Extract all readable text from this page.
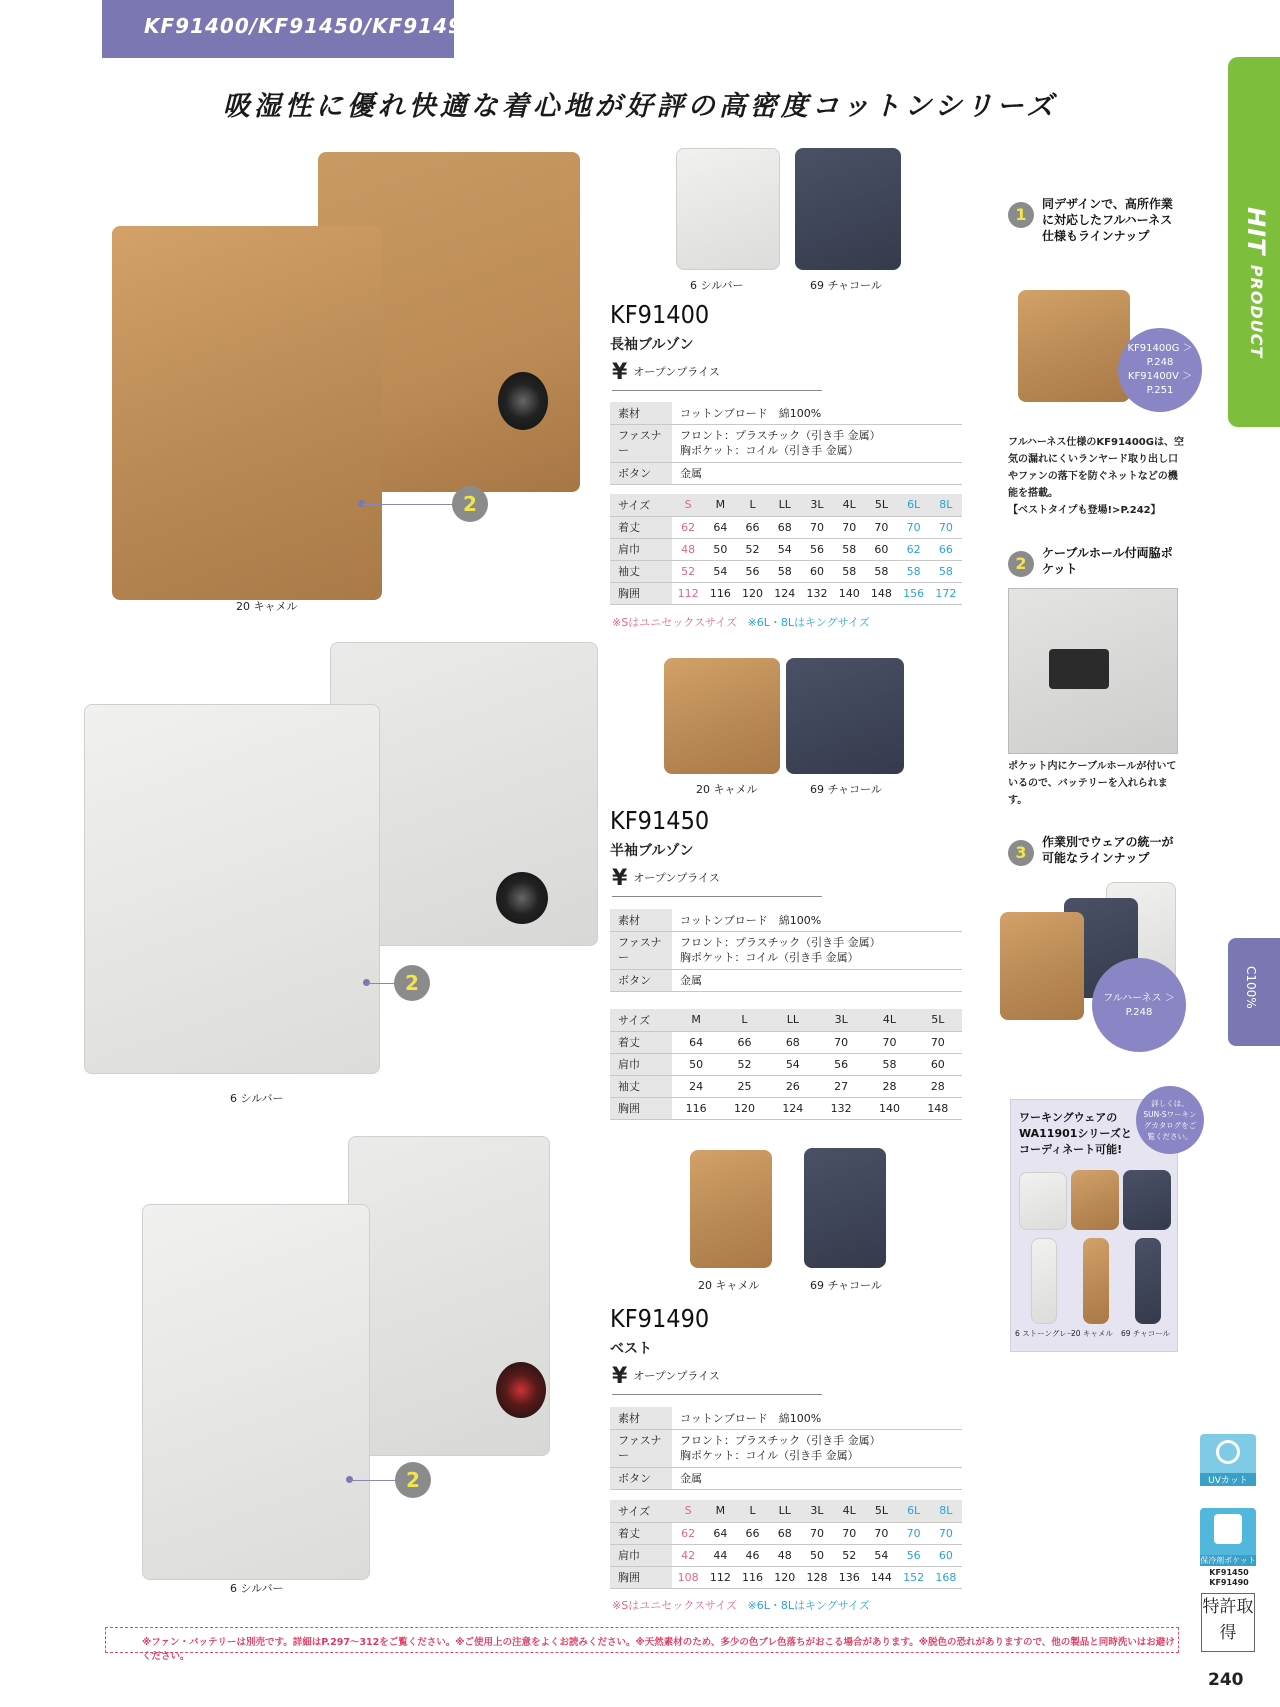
KF91400/KF91450/KF91490
吸湿性に優れ快適な着心地が好評の高密度コットンシリーズ
HIT PRODUCT
C100%
20 キャメル
2
6 シルバー	69 チャコール
KF91400
長袖ブルゾン
¥ オープンプライス
素材	コットンブロード　綿100%
ファスナー	フロント：プラスチック（引き手 金属）
胸ポケット：コイル（引き手 金属）

ボタン	金属
サイズ	S	M	L	LL	3L	4L	5L	6L	8L
着丈	62	64	66	68	70	70	70	70	70
肩巾	48	50	52	54	56	58	60	62	66
袖丈	52	54	56	58	60	58	58	58	58
胸囲	112	116	120	124	132	140	148	156	172
※Sはユニセックスサイズ ※6L・8Lはキングサイズ
6 シルバー
2
20 キャメル	69 チャコール
KF91450
半袖ブルゾン
¥ オープンプライス
素材	コットンブロード　綿100%
ファスナー	フロント：プラスチック（引き手 金属）
胸ポケット：コイル（引き手 金属）

ボタン	金属
サイズ	M	L	LL	3L	4L	5L
着丈	64	66	68	70	70	70
肩巾	50	52	54	56	58	60
袖丈	24	25	26	27	28	28
胸囲	116	120	124	132	140	148
6 シルバー
2
20 キャメル	69 チャコール
KF91490
ベスト
¥ オープンプライス
素材	コットンブロード　綿100%
ファスナー	フロント：プラスチック（引き手 金属）
胸ポケット：コイル（引き手 金属）

ボタン	金属
サイズ	S	M	L	LL	3L	4L	5L	6L	8L
着丈	62	64	66	68	70	70	70	70	70
肩巾	42	44	46	48	50	52	54	56	60
胸囲	108	112	116	120	128	136	144	152	168
※Sはユニセックスサイズ ※6L・8Lはキングサイズ
1
同デザインで、高所作業に対応したフルハーネス仕様もラインナップ
KF91400G ＞P.248 KF91400V ＞P.251
フルハーネス仕様のKF91400Gは、空気の漏れにくいランヤード取り出し口やファンの落下を防ぐネットなどの機能を搭載。
【ベストタイプも登場!>P.242】
2
ケーブルホール付両脇ポケット
ポケット内にケーブルホールが付いているので、バッテリーを入れられます。
3
作業別でウェアの統一が可能なラインナップ
フルハーネス ＞P.248
ワーキングウェアのWA11901シリーズとコーディネート可能!
6 ストーングレー
20 キャメル 69 チャコール
詳しくは、SUN-Sワーキングカタログをご覧ください。
UVカット
保冷剤ポケット
KF91450 KF91490
特許取得
※ファン・バッテリーは別売です。詳細はP.297～312をご覧ください。※ご使用上の注意をよくお読みください。※天然素材のため、多少の色ブレ色落ちがおこる場合があります。※脱色の恐れがありますので、他の製品と同時洗いはお避けください。
240
